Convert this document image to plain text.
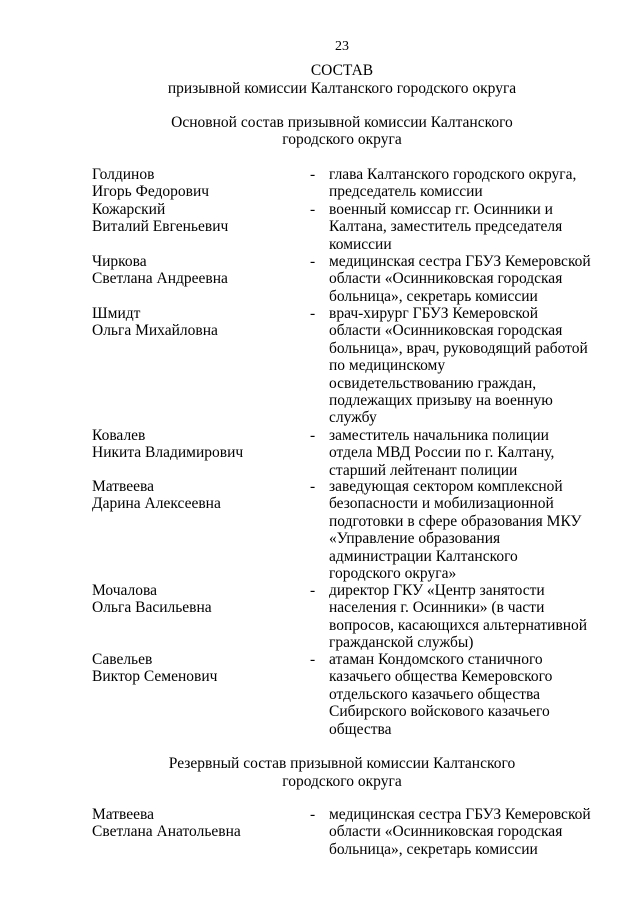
23
СОСТАВ
призывной комиссии Калтанского городского округа
Основной состав призывной комиссии Калтанского
городского округа
Голдинов
Игорь Федорович
- глава Калтанского городского округа,
председатель комиссии
Кожарский
Виталий Евгеньевич
- военный комиссар гг. Осинники и
Калтана, заместитель председателя
комиссии
Чиркова
Светлана Андреевна
- медицинская сестра ГБУЗ Кемеровской
области «Осинниковская городская
больница», секретарь комиссии
Шмидт
Ольга Михайловна
- врач-хирург ГБУЗ Кемеровской
области «Осинниковская городская
больница», врач, руководящий работой
по медицинскому
освидетельствованию граждан,
подлежащих призыву на военную
службу
Ковалев
Никита Владимирович
- заместитель начальника полиции
отдела МВД России по г. Калтану,
старший лейтенант полиции
Матвеева
Дарина Алексеевна
- заведующая сектором комплексной
безопасности и мобилизационной
подготовки в сфере образования МКУ
«Управление образования
администрации Калтанского
городского округа»
Мочалова
Ольга Васильевна
- директор ГКУ «Центр занятости
населения г. Осинники» (в части
вопросов, касающихся альтернативной
гражданской службы)
Савельев
Виктор Семенович
- атаман Кондомского станичного
казачьего общества Кемеровского
отдельского казачьего общества
Сибирского войскового казачьего
общества
Резервный состав призывной комиссии Калтанского
городского округа
Матвеева
Светлана Анатольевна
- медицинская сестра ГБУЗ Кемеровской
области «Осинниковская городская
больница», секретарь комиссии
